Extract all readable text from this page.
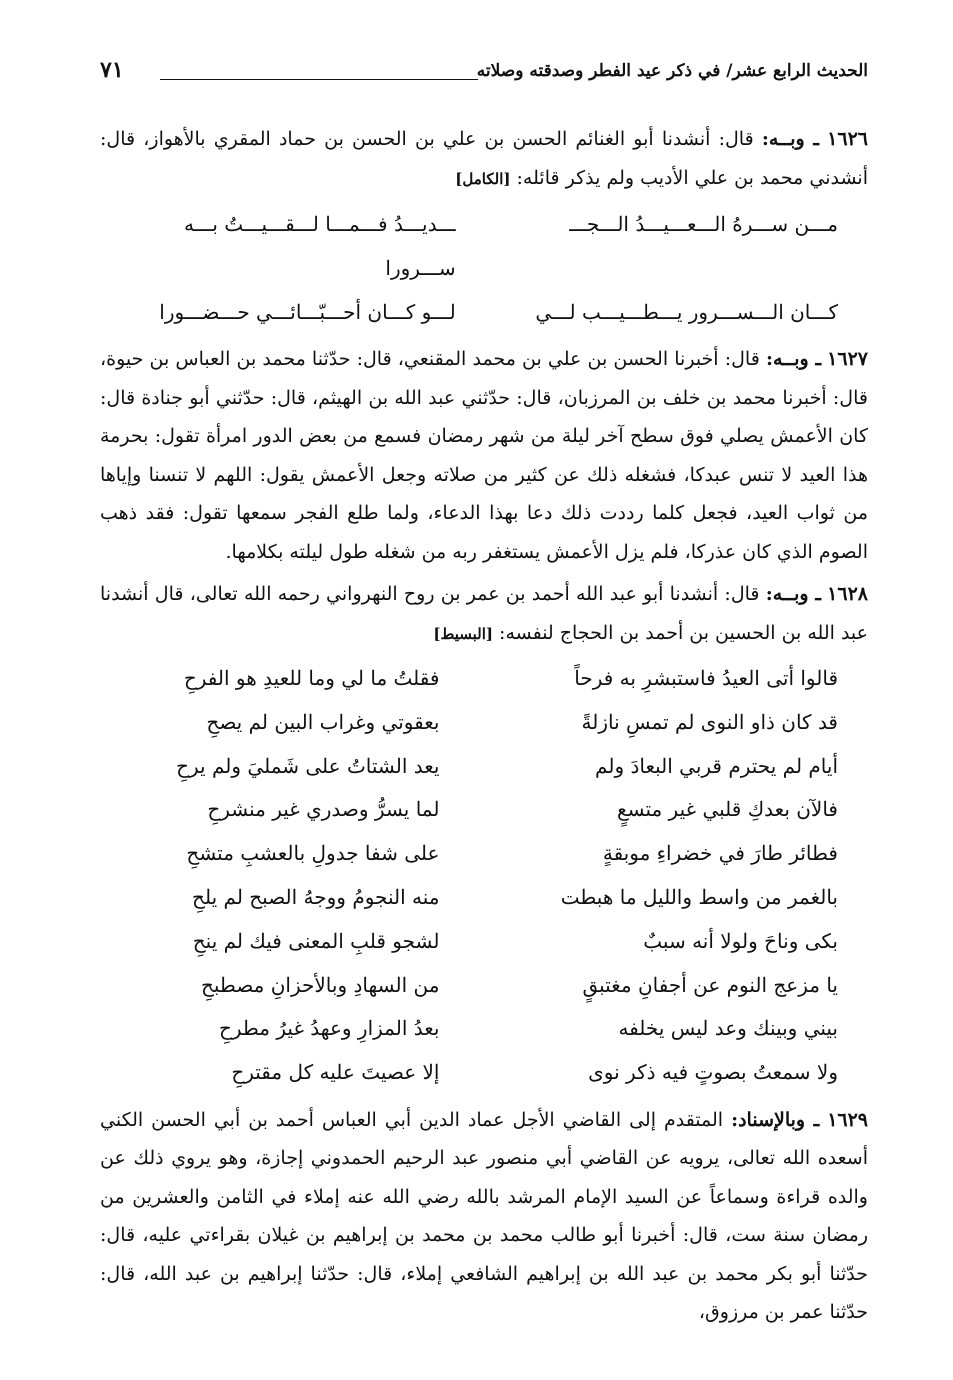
الحديث الرابع عشر/ في ذكر عيد الفطر وصدقته وصلاته
٧١

١٦٢٦ ـ وبــه: قال: أنشدنا أبو الغنائم الحسن بن علي بن الحسن بن حماد المقري بالأهواز، قال: أنشدني محمد بن علي الأديب ولم يذكر قائله: [الكامل]

مـــن ســـرهُ الـــعـــيـــدُ الـــجـــ
ـــديـــدُ فـــمـــا لـــقـــيـــتُ بـــه ســـرورا
كـــان الـــســـرور يـــطـــيـــب لـــي
لـــو كـــان أحـــبّـــائـــي حـــضـــورا

١٦٢٧ ـ وبــه: قال: أخبرنا الحسن بن علي بن محمد المقنعي، قال: حدّثنا محمد بن العباس بن حيوة، قال: أخبرنا محمد بن خلف بن المرزبان، قال: حدّثني عبد الله بن الهيثم، قال: حدّثني أبو جنادة قال: كان الأعمش يصلي فوق سطح آخر ليلة من شهر رمضان فسمع من بعض الدور امرأة تقول: بحرمة هذا العيد لا تنس عبدكا، فشغله ذلك عن كثير من صلاته وجعل الأعمش يقول: اللهم لا تنسنا وإياها من ثواب العيد، فجعل كلما رددت ذلك دعا بهذا الدعاء، ولما طلع الفجر سمعها تقول: فقد ذهب الصوم الذي كان عذركا، فلم يزل الأعمش يستغفر ربه من شغله طول ليلته بكلامها.

١٦٢٨ ـ وبــه: قال: أنشدنا أبو عبد الله أحمد بن عمر بن روح النهرواني رحمه الله تعالى، قال أنشدنا عبد الله بن الحسين بن أحمد بن الحجاج لنفسه: [البسيط]

قالوا أتى العيدُ فاستبشرِ به فرحاً
فقلتُ ما لي وما للعيدِ هو الفرحِ
قد كان ذاو النوى لم تمسِ نازلةً
بعقوتي وغراب البين لم يصحِ
أيام لم يحترم قربي البعادَ ولم
يعد الشتاتُ على شَمليَ ولم يرحِ
فالآن بعدكِ قلبي غير متسعٍ
لما يسرُّ وصدري غير منشرحِ
فطائر طارَ في خضراءِ موبقةٍ
على شفا جدولِ بالعشبِ متشحِ
بالغمر من واسط والليل ما هبطت
منه النجومُ ووجهُ الصبح لم يلحِ
بكى وناحَ ولولا أنه سببٌ
لشجو قلبِ المعنى فيك لم ينحِ
يا مزعج النوم عن أجفانِ مغتبقٍ
من السهادِ وبالأحزانِ مصطبحِ
بيني وبينك وعد ليس يخلفه
بعدُ المزارِ وعهدُ غيرُ مطرحِ
ولا سمعتُ بصوتٍ فيه ذكر نوى
إلا عصيتَ عليه كل مقترحِ

١٦٢٩ ـ وبالإسناد: المتقدم إلى القاضي الأجل عماد الدين أبي العباس أحمد بن أبي الحسن الكني أسعده الله تعالى، يرويه عن القاضي أبي منصور عبد الرحيم الحمدوني إجازة، وهو يروي ذلك عن والده قراءة وسماعاً عن السيد الإمام المرشد بالله رضي الله عنه إملاء في الثامن والعشرين من رمضان سنة ست، قال: أخبرنا أبو طالب محمد بن محمد بن إبراهيم بن غيلان بقراءتي عليه، قال: حدّثنا أبو بكر محمد بن عبد الله بن إبراهيم الشافعي إملاء، قال: حدّثنا إبراهيم بن عبد الله، قال: حدّثنا عمر بن مرزوق،
